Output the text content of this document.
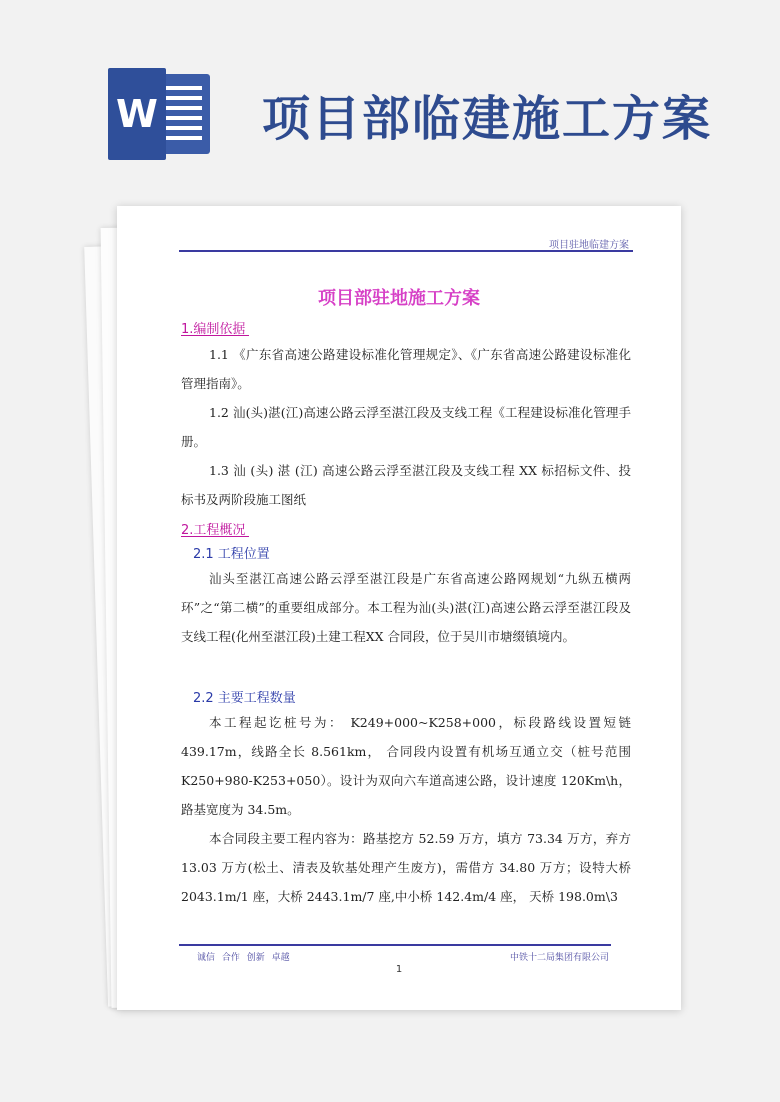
W 项目部临建施工方案
项目驻地临建方案
项目部驻地施工方案
1.编制依据

1.1 《广东省高速公路建设标准化管理规定》、《广东省高速公路建设标准化管理指南》。

1.2 汕(头)湛(江)高速公路云浮至湛江段及支线工程《工程建设标准化管理手册。

1.3 汕 (头) 湛 (江) 高速公路云浮至湛江段及支线工程 XX 标招标文件、投标书及两阶段施工图纸

2.工程概况
2.1 工程位置

汕头至湛江高速公路云浮至湛江段是广东省高速公路网规划“九纵五横两环”之“第二横”的重要组成部分。本工程为汕(头)湛(江)高速公路云浮至湛江段及支线工程(化州至湛江段)土建工程XX 合同段，位于吴川市塘缀镇境内。

2.2 主要工程数量

本工程起讫桩号为： K249+000~K258+000，标段路线设置短链 439.17m，线路全长 8.561km， 合同段内设置有机场互通立交（桩号范围K250+980-K253+050）。设计为双向六车道高速公路，设计速度 120Km\h，路基宽度为 34.5m。

本合同段主要工程内容为：路基挖方 52.59 万方，填方 73.34 万方，弃方 13.03 万方(松土、清表及软基处理产生废方)，需借方 34.80 万方；设特大桥 2043.1m/1 座，大桥 2443.1m/7 座,中小桥 142.4m/4 座， 天桥 198.0m\3

诚信 合作 创新 卓越	中铁十二局集团有限公司
1
